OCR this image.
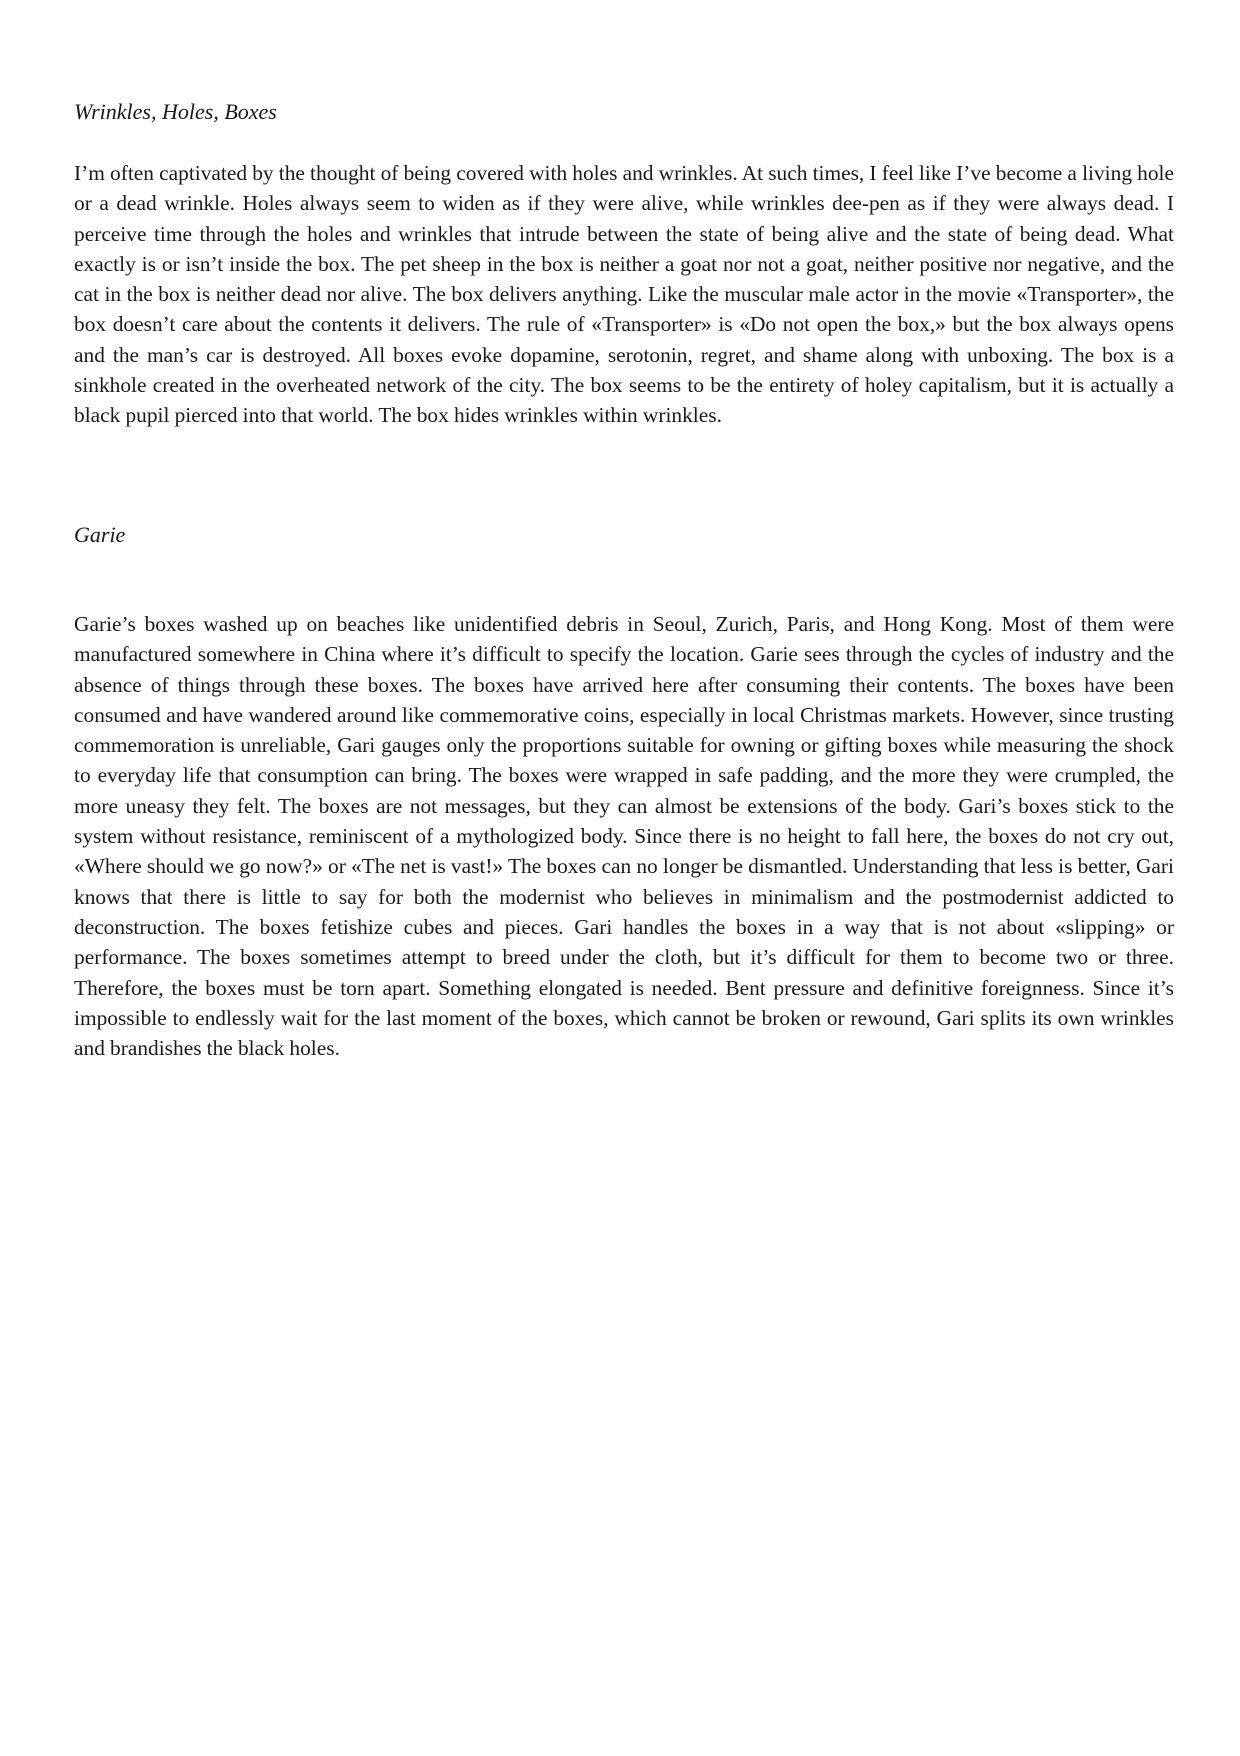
Wrinkles, Holes, Boxes

I’m often captivated by the thought of being covered with holes and wrinkles. At such times, I feel like I’ve become a living hole or a dead wrinkle. Holes always seem to widen as if they were alive, while wrinkles dee-pen as if they were always dead. I perceive time through the holes and wrinkles that intrude between the state of being alive and the state of being dead. What exactly is or isn’t inside the box. The pet sheep in the box is neither a goat nor not a goat, neither positive nor negative, and the cat in the box is neither dead nor alive. The box delivers anything. Like the muscular male actor in the movie «Transporter», the box doesn’t care about the contents it delivers. The rule of «Transporter» is «Do not open the box,» but the box always opens and the man’s car is destroyed. All boxes evoke dopamine, serotonin, regret, and shame along with unboxing. The box is a sinkhole created in the overheated network of the city. The box seems to be the entirety of holey capitalism, but it is actually a black pupil pierced into that world. The box hides wrinkles within wrinkles.

Garie

Garie’s boxes washed up on beaches like unidentified debris in Seoul, Zurich, Paris, and Hong Kong. Most of them were manufactured somewhere in China where it’s difficult to specify the location. Garie sees through the cycles of industry and the absence of things through these boxes. The boxes have arrived here after consuming their contents. The boxes have been consumed and have wandered around like commemorative coins, especially in local Christmas markets. However, since trusting commemoration is unreliable, Gari gauges only the proportions suitable for owning or gifting boxes while measuring the shock to everyday life that consumption can bring. The boxes were wrapped in safe padding, and the more they were crumpled, the more uneasy they felt. The boxes are not messages, but they can almost be extensions of the body. Gari’s boxes stick to the system without resistance, reminiscent of a mythologized body. Since there is no height to fall here, the boxes do not cry out, «Where should we go now?» or «The net is vast!» The boxes can no longer be dismantled. Understanding that less is better, Gari knows that there is little to say for both the modernist who believes in minimalism and the postmodernist addicted to deconstruction. The boxes fetishize cubes and pieces. Gari handles the boxes in a way that is not about «slipping» or performance. The boxes sometimes attempt to breed under the cloth, but it’s difficult for them to become two or three. Therefore, the boxes must be torn apart. Something elongated is needed. Bent pressure and definitive foreignness. Since it’s impossible to endlessly wait for the last moment of the boxes, which cannot be broken or rewound, Gari splits its own wrinkles and brandishes the black holes.
